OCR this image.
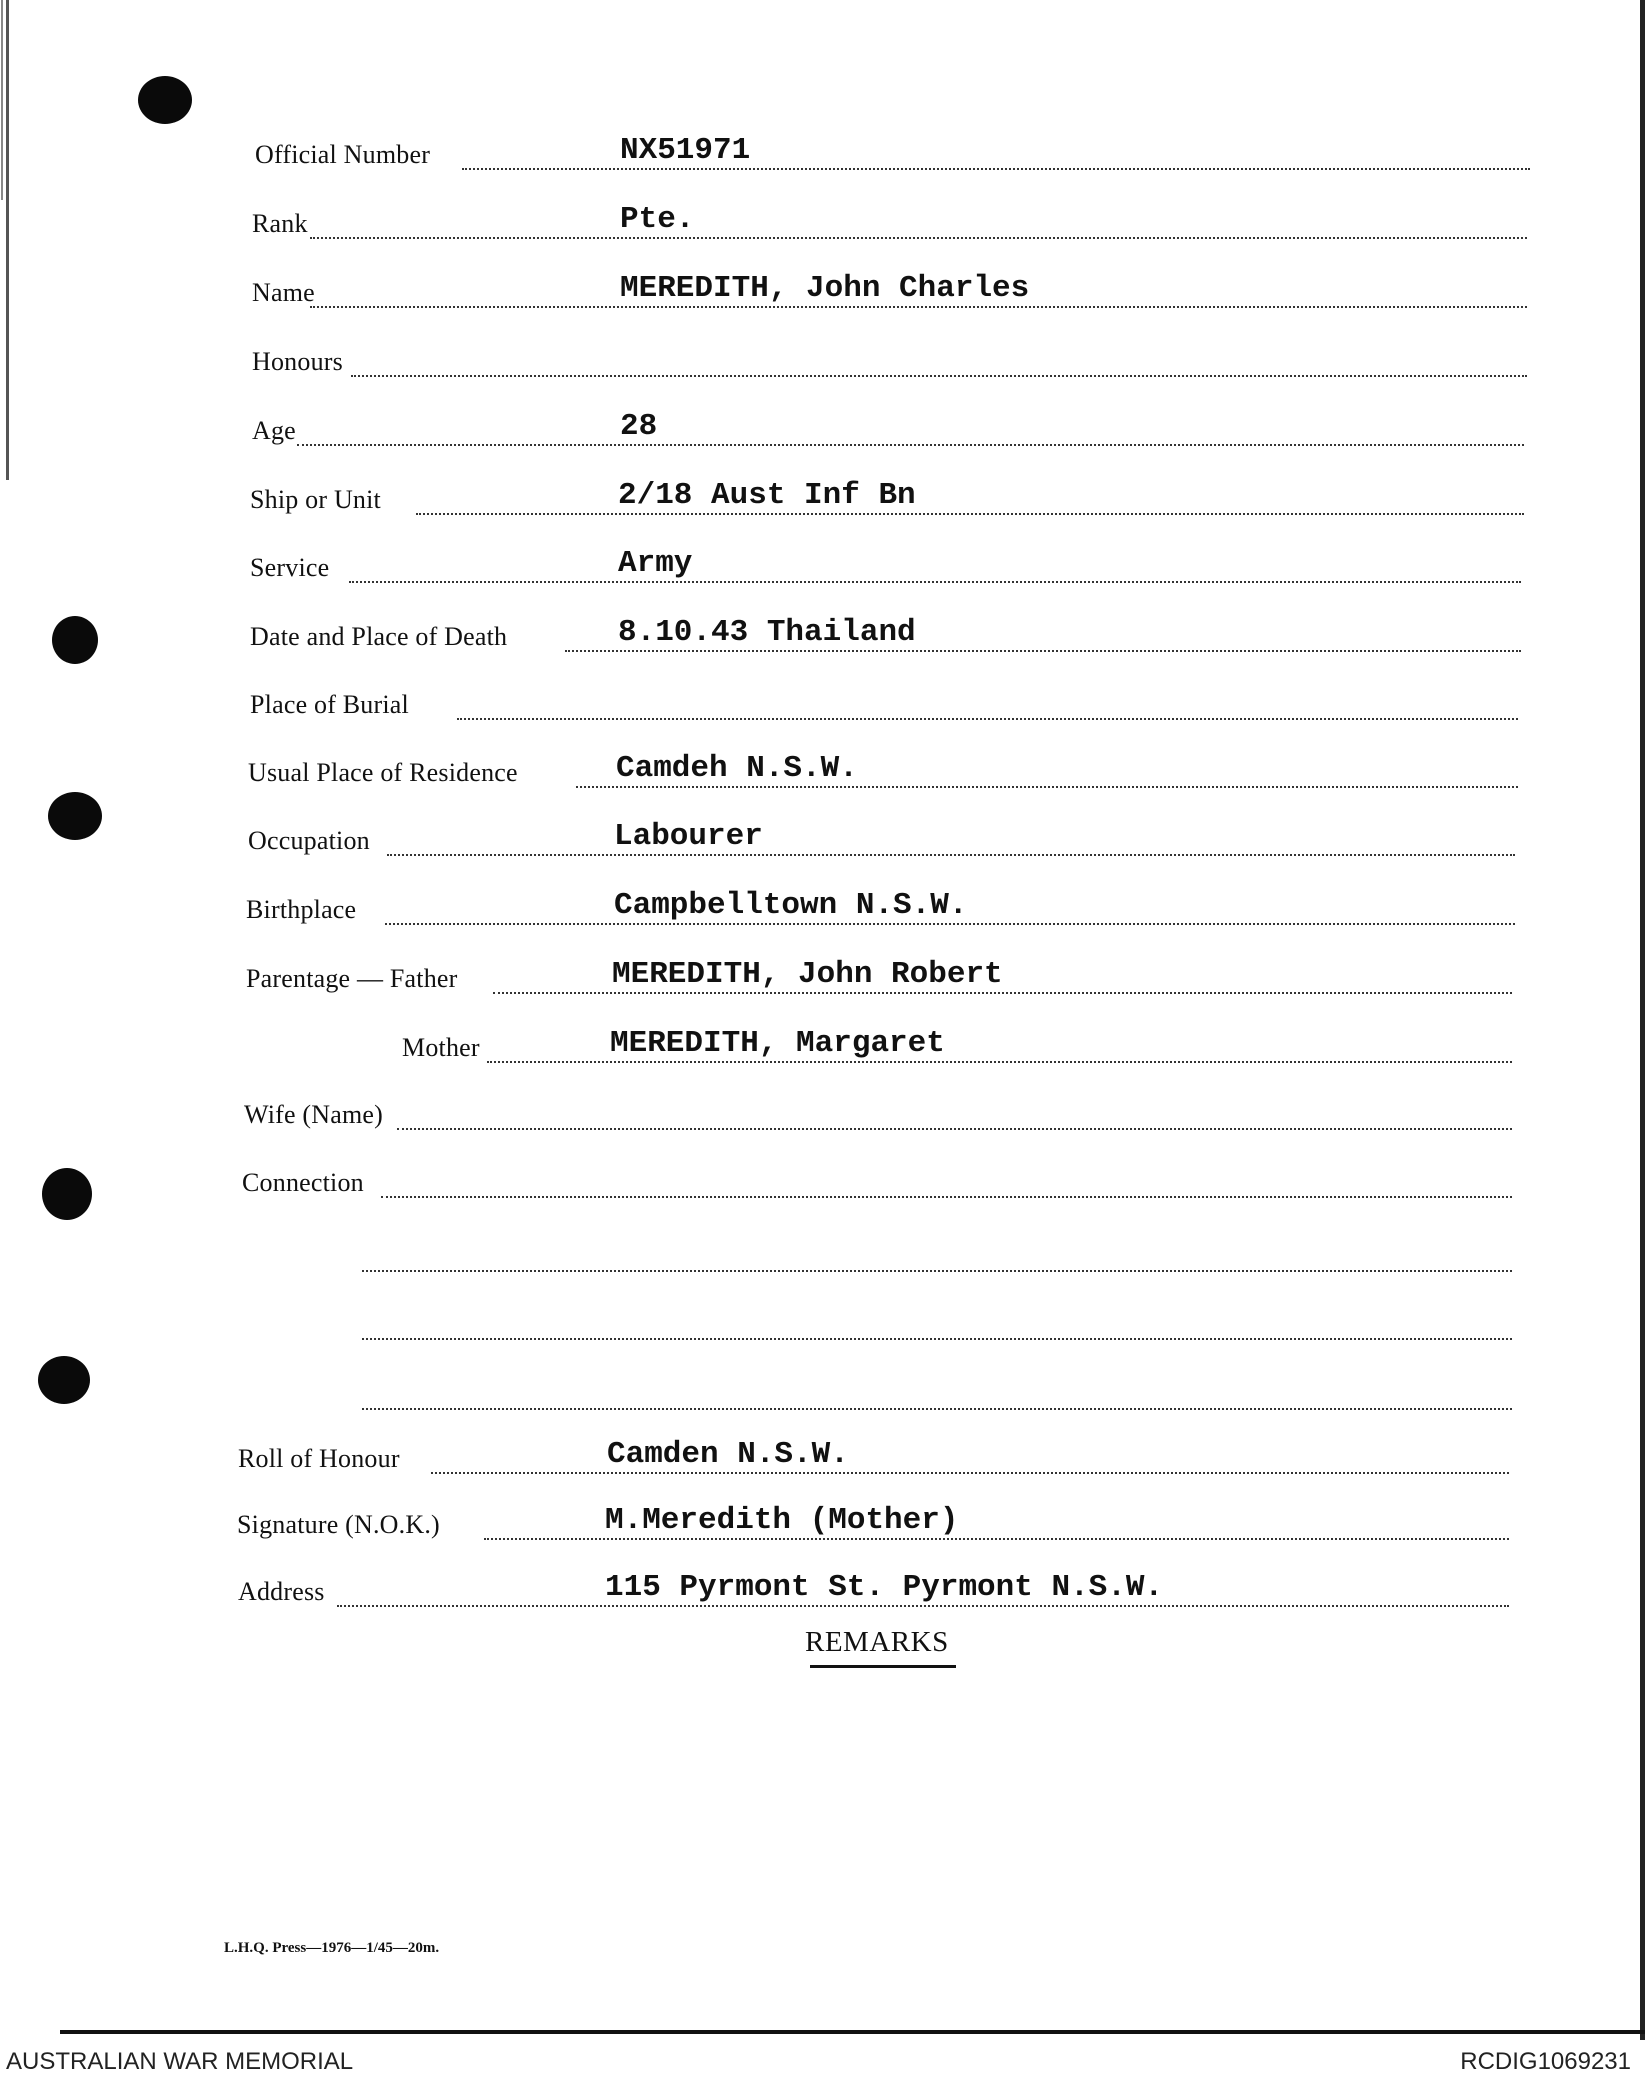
Official Number	NX51971
Rank	Pte.
Name	MEREDITH, John Charles
Honours
Age	28
Ship or Unit	2/18 Aust Inf Bn
Service	Army
Date and Place of Death	8.10.43 Thailand
Place of Burial
Usual Place of Residence	Camdeh N.S.W.
Occupation	Labourer
Birthplace	Campbelltown N.S.W.
Parentage — Father	MEREDITH, John Robert
Mother	MEREDITH, Margaret
Wife (Name)
Connection
Roll of Honour	Camden N.S.W.
Signature (N.O.K.)	M.Meredith (Mother)
Address	115 Pyrmont St. Pyrmont N.S.W.
REMARKS
L.H.Q. Press—1976—1/45—20m.
AUSTRALIAN WAR MEMORIAL	RCDIG1069231
